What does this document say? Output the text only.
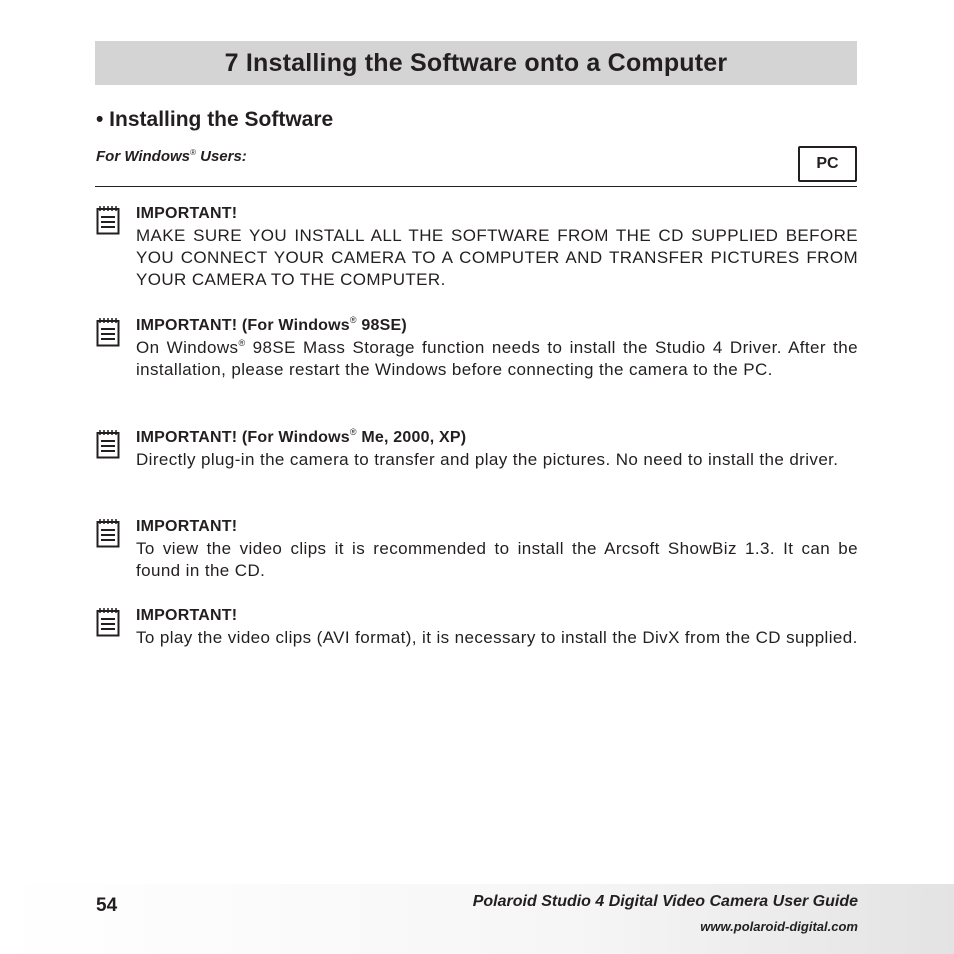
7 Installing the Software onto a Computer
• Installing the Software
For Windows® Users:	PC
IMPORTANT!
MAKE SURE YOU INSTALL ALL THE SOFTWARE FROM THE CD SUPPLIED BEFORE YOU CONNECT YOUR CAMERA TO A COMPUTER AND TRANSFER PICTURES FROM YOUR CAMERA TO THE COMPUTER.
IMPORTANT! (For Windows® 98SE)
On Windows® 98SE Mass Storage function needs to install the Studio 4 Driver. After the installation, please restart the Windows before connecting the camera to the PC.
IMPORTANT! (For Windows® Me, 2000, XP)
Directly plug-in the camera to transfer and play the pictures. No need to install the driver.
IMPORTANT!
To view the video clips it is recommended to install the Arcsoft ShowBiz 1.3. It can be found in the CD.
IMPORTANT!
To play the video clips (AVI format), it is necessary to install the DivX from the CD supplied.
54	Polaroid Studio 4 Digital Video Camera User Guide
www.polaroid-digital.com
